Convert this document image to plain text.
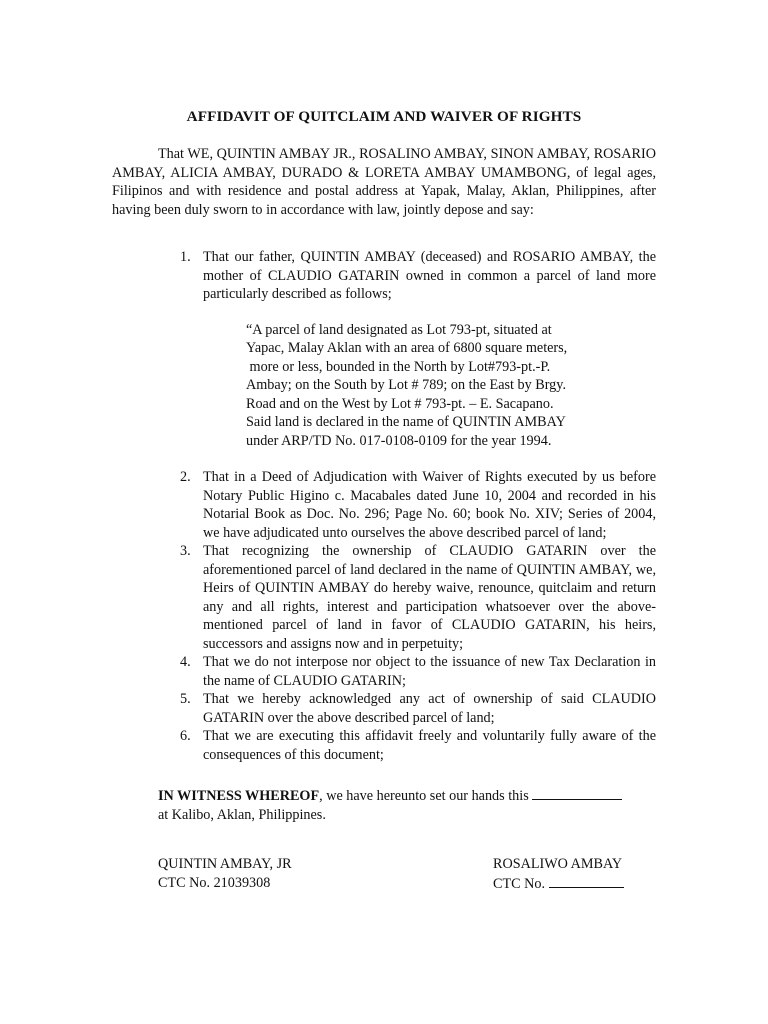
AFFIDAVIT OF QUITCLAIM AND WAIVER OF RIGHTS

That WE, QUINTIN AMBAY JR., ROSALINO AMBAY, SINON AMBAY, ROSARIO AMBAY, ALICIA AMBAY, DURADO & LORETA AMBAY UMAMBONG, of legal ages, Filipinos and with residence and postal address at Yapak, Malay, Aklan, Philippines, after having been duly sworn to in accordance with law, jointly depose and say:

1. That our father, QUINTIN AMBAY (deceased) and ROSARIO AMBAY, the mother of CLAUDIO GATARIN owned in common a parcel of land more particularly described as follows;
“A parcel of land designated as Lot 793-pt, situated at
Yapac, Malay Aklan with an area of 6800 square meters,
more or less, bounded in the North by Lot#793-pt.-P.
Ambay; on the South by Lot # 789; on the East by Brgy.
Road and on the West by Lot # 793-pt. – E. Sacapano.
Said land is declared in the name of QUINTIN AMBAY
under ARP/TD No. 017-0108-0109 for the year 1994.
2. That in a Deed of Adjudication with Waiver of Rights executed by us before Notary Public Higino c. Macabales dated June 10, 2004 and recorded in his Notarial Book as Doc. No. 296; Page No. 60; book No. XIV; Series of 2004, we have adjudicated unto ourselves the above described parcel of land;
3. That recognizing the ownership of CLAUDIO GATARIN over the aforementioned parcel of land declared in the name of QUINTIN AMBAY, we, Heirs of QUINTIN AMBAY do hereby waive, renounce, quitclaim and return any and all rights, interest and participation whatsoever over the above-mentioned parcel of land in favor of CLAUDIO GATARIN, his heirs, successors and assigns now and in perpetuity;
4. That we do not interpose nor object to the issuance of new Tax Declaration in the name of CLAUDIO GATARIN;
5. That we hereby acknowledged any act of ownership of said CLAUDIO GATARIN over the above described parcel of land;
6. That we are executing this affidavit freely and voluntarily fully aware of the consequences of this document;

IN WITNESS WHEREOF, we have hereunto set our hands this
at Kalibo, Aklan, Philippines.

QUINTIN AMBAY, JR
CTC No. 21039308
ROSALIWO AMBAY
CTC No.
